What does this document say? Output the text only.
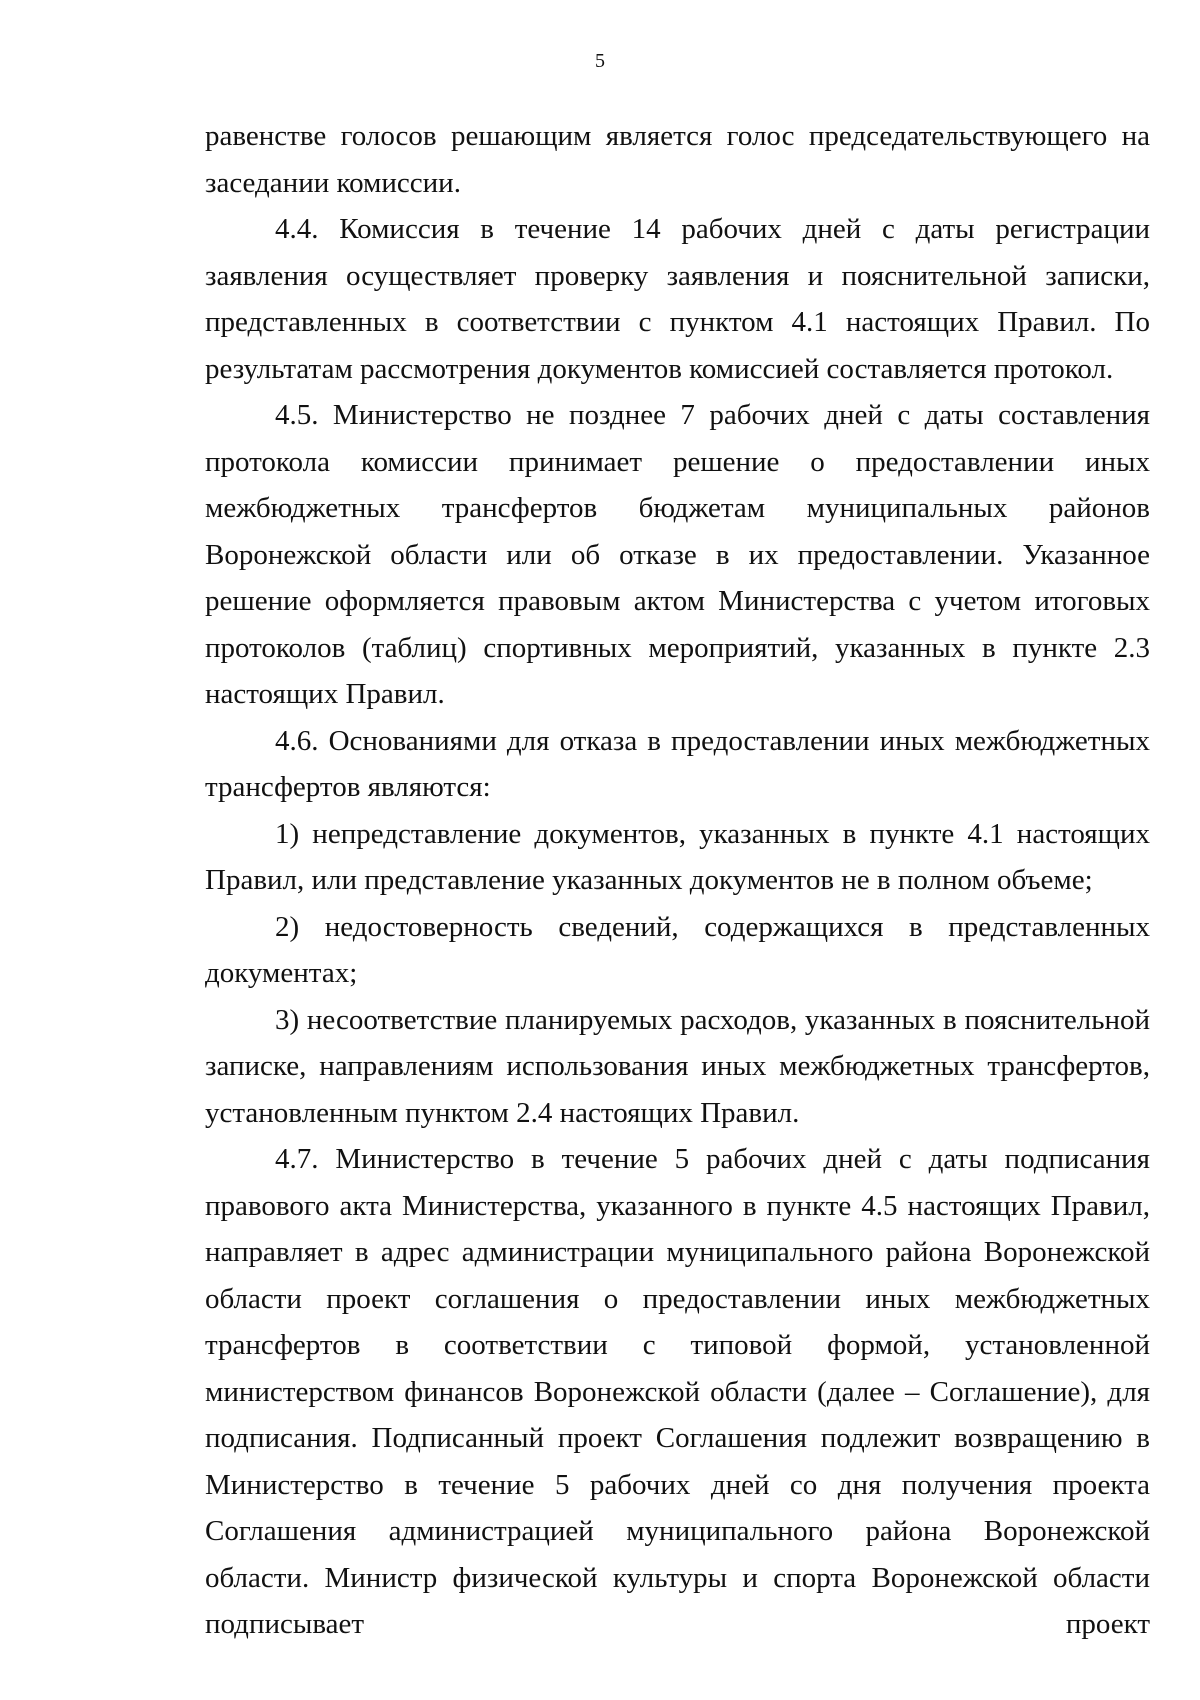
5

равенстве голосов решающим является голос председательствующего на заседании комиссии.

4.4. Комиссия в течение 14 рабочих дней с даты регистрации заявления осуществляет проверку заявления и пояснительной записки, представленных в соответствии с пунктом 4.1 настоящих Правил. По результатам рассмотрения документов комиссией составляется протокол.

4.5. Министерство не позднее 7 рабочих дней с даты составления протокола комиссии принимает решение о предоставлении иных межбюджетных трансфертов бюджетам муниципальных районов Воронежской области или об отказе в их предоставлении. Указанное решение оформляется правовым актом Министерства с учетом итоговых протоколов (таблиц) спортивных мероприятий, указанных в пункте 2.3 настоящих Правил.

4.6. Основаниями для отказа в предоставлении иных межбюджетных трансфертов являются:

1) непредставление документов, указанных в пункте 4.1 настоящих Правил, или представление указанных документов не в полном объеме;

2) недостоверность сведений, содержащихся в представленных документах;

3) несоответствие планируемых расходов, указанных в пояснительной записке, направлениям использования иных межбюджетных трансфертов, установленным пунктом 2.4 настоящих Правил.

4.7. Министерство в течение 5 рабочих дней с даты подписания правового акта Министерства, указанного в пункте 4.5 настоящих Правил, направляет в адрес администрации муниципального района Воронежской области проект соглашения о предоставлении иных межбюджетных трансфертов в соответствии с типовой формой, установленной министерством финансов Воронежской области (далее – Соглашение), для подписания. Подписанный проект Соглашения подлежит возвращению в Министерство в течение 5 рабочих дней со дня получения проекта Соглашения администрацией муниципального района Воронежской области. Министр физической культуры и спорта Воронежской области подписывает проект
